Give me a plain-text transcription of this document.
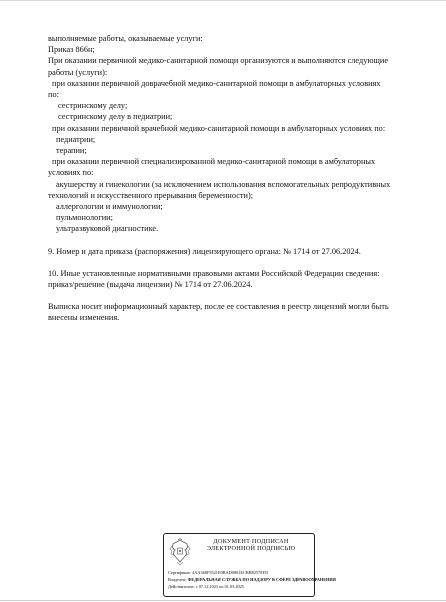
выполняемые работы, оказываемые услуги:

Приказ 866н;

При оказании первичной медико-санитарной помощи организуются и выполняются следующие

работы (услуги):

при оказании первичной доврачебной медико-санитарной помощи в амбулаторных условиях

по:

сестринскому делу;

сестринскому делу в педиатрии;

при оказании первичной врачебной медико-санитарной помощи в амбулаторных условиях по:

педиатрии;

терапии;

при оказании первичной специализированной медико-санитарной помощи в амбулаторных

условиях по:

акушерству и гинекологии (за исключением использования вспомогательных репродуктивных

технологий и искусственного прерывания беременности);

аллергологии и иммунологии;

пульмонологии;

ультразвуковой диагностике.

9. Номер и дата приказа (распоряжения) лицензирующего органа: № 1714 от 27.06.2024.

10. Иные установленные нормативными правовыми актами Российской Федерации сведения:

приказ/решение (выдача лицензии) № 1714 от 27.06.2024.

Выписка носит информационный характер, после ее составления в реестр лицензий могли быть

внесены изменения.

ДОКУМЕНТ ПОДПИСАН
ЭЛЕКТРОННОЙ ПОДПИСЬЮ
Сертификат: 4AA368F5521E0BAD0861ECBB8257ED3
Владелец: ФЕДЕРАЛЬНАЯ СЛУЖБА ПО НАДЗОРУ В СФЕРЕ ЗДРАВООХРАНЕНИЯ
Действителен: с 07.12.2023 по 01.03.2025
